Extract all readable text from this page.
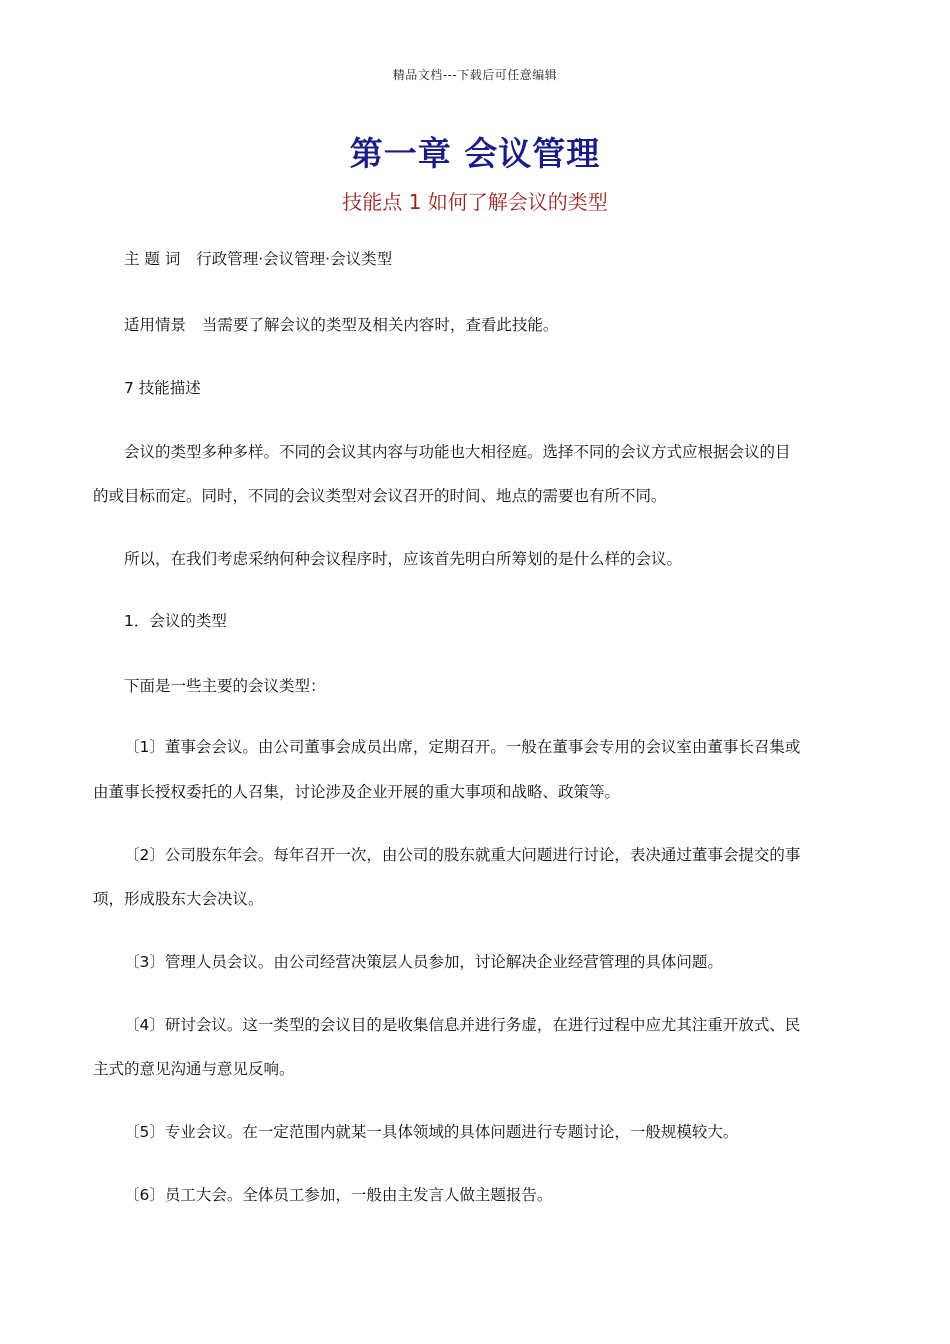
精品文档---下载后可任意编辑
第一章 会议管理
技能点 1 如何了解会议的类型
主 题 词 行政管理·会议管理·会议类型
适用情景 当需要了解会议的类型及相关内容时，查看此技能。
7 技能描述
会议的类型多种多样。不同的会议其内容与功能也大相径庭。选择不同的会议方式应根据会议的目
的或目标而定。同时，不同的会议类型对会议召开的时间、地点的需要也有所不同。
所以，在我们考虑采纳何种会议程序时，应该首先明白所筹划的是什么样的会议。
1．会议的类型
下面是一些主要的会议类型：
〔1〕董事会会议。由公司董事会成员出席，定期召开。一般在董事会专用的会议室由董事长召集或
由董事长授权委托的人召集，讨论涉及企业开展的重大事项和战略、政策等。
〔2〕公司股东年会。每年召开一次，由公司的股东就重大问题进行讨论，表决通过董事会提交的事
项，形成股东大会决议。
〔3〕管理人员会议。由公司经营决策层人员参加，讨论解决企业经营管理的具体问题。
〔4〕研讨会议。这一类型的会议目的是收集信息并进行务虚，在进行过程中应尤其注重开放式、民
主式的意见沟通与意见反响。
〔5〕专业会议。在一定范围内就某一具体领域的具体问题进行专题讨论，一般规模较大。
〔6〕员工大会。全体员工参加，一般由主发言人做主题报告。
